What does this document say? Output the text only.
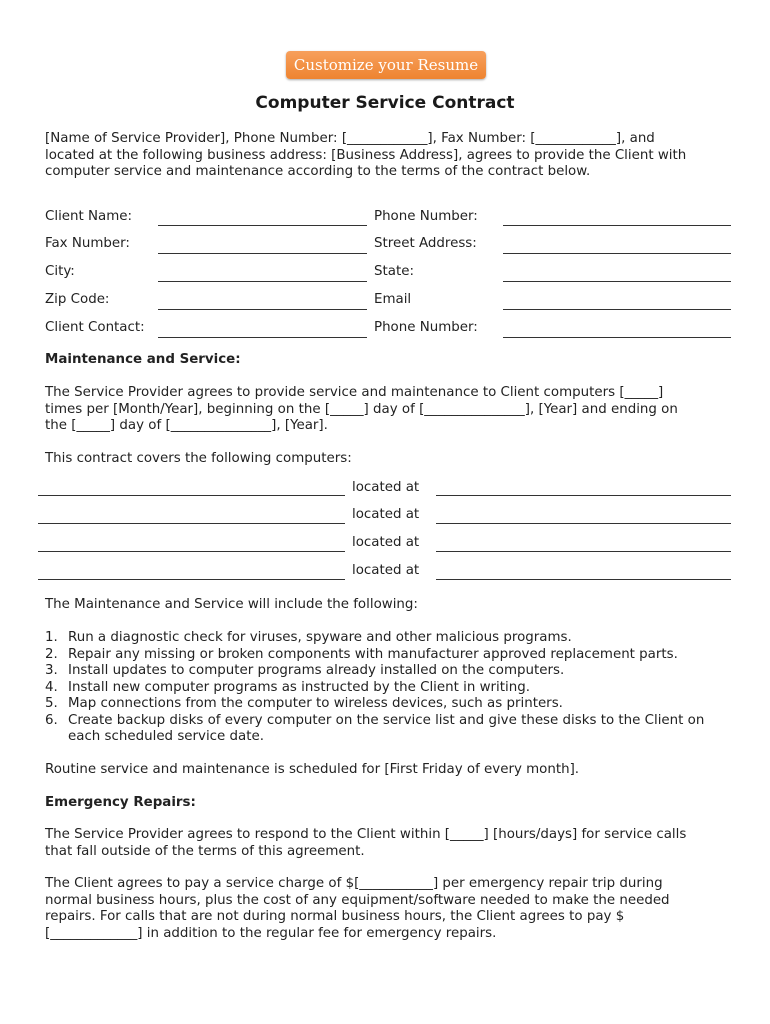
Customize your Resume
Computer Service Contract
[Name of Service Provider], Phone Number: [____________], Fax Number: [____________], and
located at the following business address: [Business Address], agrees to provide the Client with
computer service and maintenance according to the terms of the contract below.
Client Name:	Phone Number:
Fax Number:	Street Address:
City:	State:
Zip Code:	Email
Client Contact:	Phone Number:
Maintenance and Service:
The Service Provider agrees to provide service and maintenance to Client computers [_____]
times per [Month/Year], beginning on the [_____] day of [_______________], [Year] and ending on
the [_____] day of [_______________], [Year].
This contract covers the following computers:
located at
located at
located at
located at
The Maintenance and Service will include the following:
1. Run a diagnostic check for viruses, spyware and other malicious programs.
2. Repair any missing or broken components with manufacturer approved replacement parts.
3. Install updates to computer programs already installed on the computers.
4. Install new computer programs as instructed by the Client in writing.
5. Map connections from the computer to wireless devices, such as printers.
6. Create backup disks of every computer on the service list and give these disks to the Client on each scheduled service date.
Routine service and maintenance is scheduled for [First Friday of every month].
Emergency Repairs:
The Service Provider agrees to respond to the Client within [_____] [hours/days] for service calls
that fall outside of the terms of this agreement.
The Client agrees to pay a service charge of $[___________] per emergency repair trip during
normal business hours, plus the cost of any equipment/software needed to make the needed
repairs. For calls that are not during normal business hours, the Client agrees to pay $
[_____________] in addition to the regular fee for emergency repairs.
